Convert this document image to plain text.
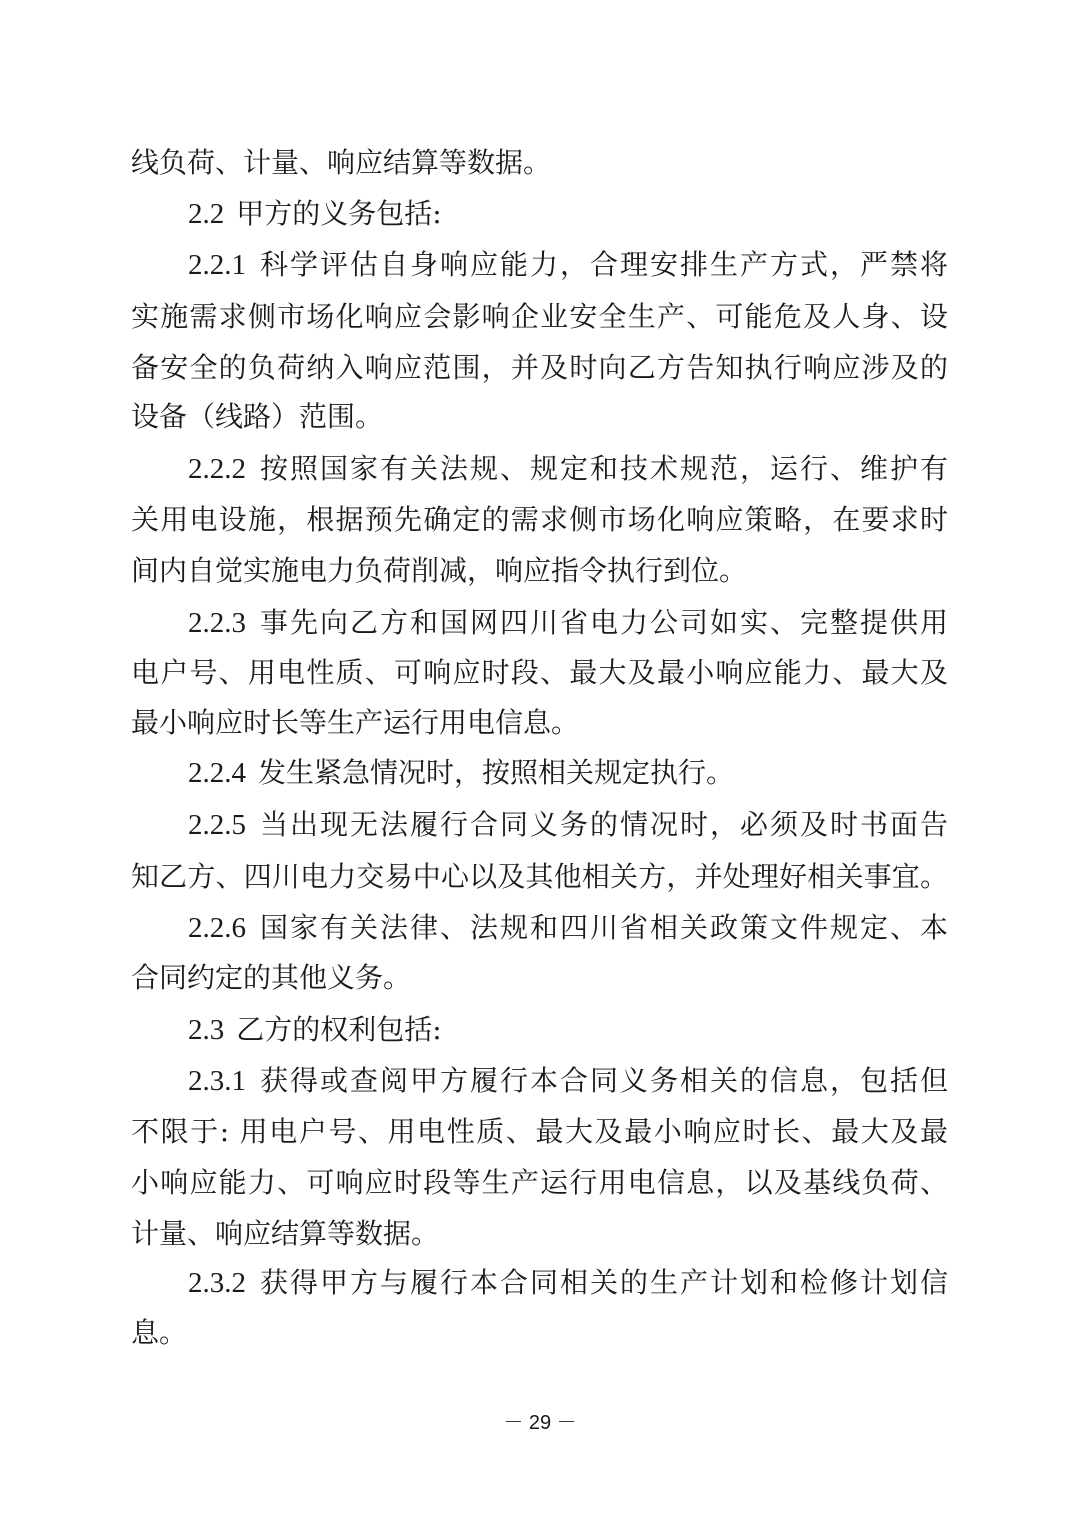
线负荷、计量、响应结算等数据。
2.2 甲方的义务包括:
2.2.1 科学评估自身响应能力，合理安排生产方式，严禁将
实施需求侧市场化响应会影响企业安全生产、可能危及人身、设
备安全的负荷纳入响应范围，并及时向乙方告知执行响应涉及的
设备（线路）范围。
2.2.2 按照国家有关法规、规定和技术规范，运行、维护有
关用电设施，根据预先确定的需求侧市场化响应策略，在要求时
间内自觉实施电力负荷削减，响应指令执行到位。
2.2.3 事先向乙方和国网四川省电力公司如实、完整提供用
电户号、用电性质、可响应时段、最大及最小响应能力、最大及
最小响应时长等生产运行用电信息。
2.2.4 发生紧急情况时，按照相关规定执行。
2.2.5 当出现无法履行合同义务的情况时，必须及时书面告
知乙方、四川电力交易中心以及其他相关方，并处理好相关事宜。
2.2.6 国家有关法律、法规和四川省相关政策文件规定、本
合同约定的其他义务。
2.3 乙方的权利包括:
2.3.1 获得或查阅甲方履行本合同义务相关的信息，包括但
不限于: 用电户号、用电性质、最大及最小响应时长、最大及最
小响应能力、可响应时段等生产运行用电信息，以及基线负荷、
计量、响应结算等数据。
2.3.2 获得甲方与履行本合同相关的生产计划和检修计划信
息。
－ 29 －
